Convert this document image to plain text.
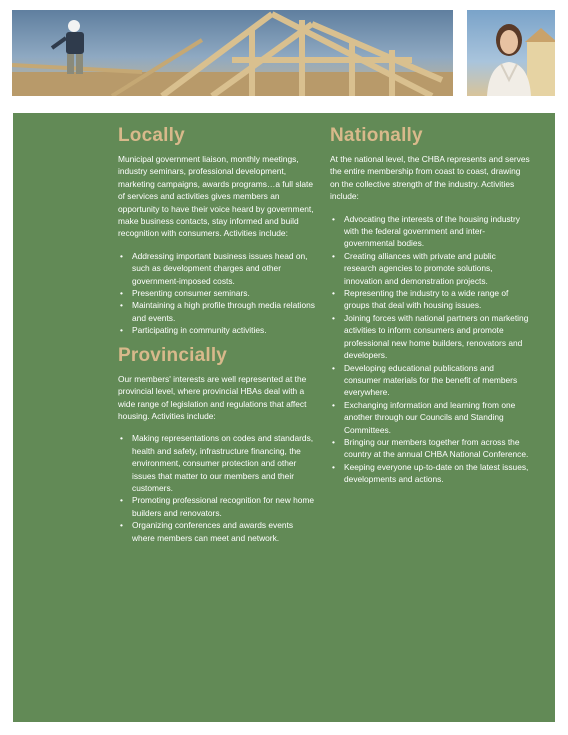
Locally

Municipal government liaison, monthly meetings, industry seminars, professional development, marketing campaigns, awards programs…a full slate of services and activities gives members an opportunity to have their voice heard by government, make business contacts, stay informed and build recognition with consumers. Activities include:

• Addressing important business issues head on, such as development charges and other government-imposed costs.
• Presenting consumer seminars.
• Maintaining a high profile through media relations and events.
• Participating in community activities.
Provincially

Our members' interests are well represented at the provincial level, where provincial HBAs deal with a wide range of legislation and regulations that affect housing. Activities include:

• Making representations on codes and standards, health and safety, infrastructure financing, the environment, consumer protection and other issues that matter to our members and their customers.
• Promoting professional recognition for new home builders and renovators.
• Organizing conferences and awards events where members can meet and network.
Nationally

At the national level, the CHBA represents and serves the entire membership from coast to coast, drawing on the collective strength of the industry. Activities include:

• Advocating the interests of the housing industry with the federal government and inter-governmental bodies.
• Creating alliances with private and public research agencies to promote solutions, innovation and demonstration projects.
• Representing the industry to a wide range of groups that deal with housing issues.
• Joining forces with national partners on marketing activities to inform consumers and promote professional new home builders, renovators and developers.
• Developing educational publications and consumer materials for the benefit of members everywhere.
• Exchanging information and learning from one another through our Councils and Standing Committees.
• Bringing our members together from across the country at the annual CHBA National Conference.
• Keeping everyone up-to-date on the latest issues, developments and actions.
